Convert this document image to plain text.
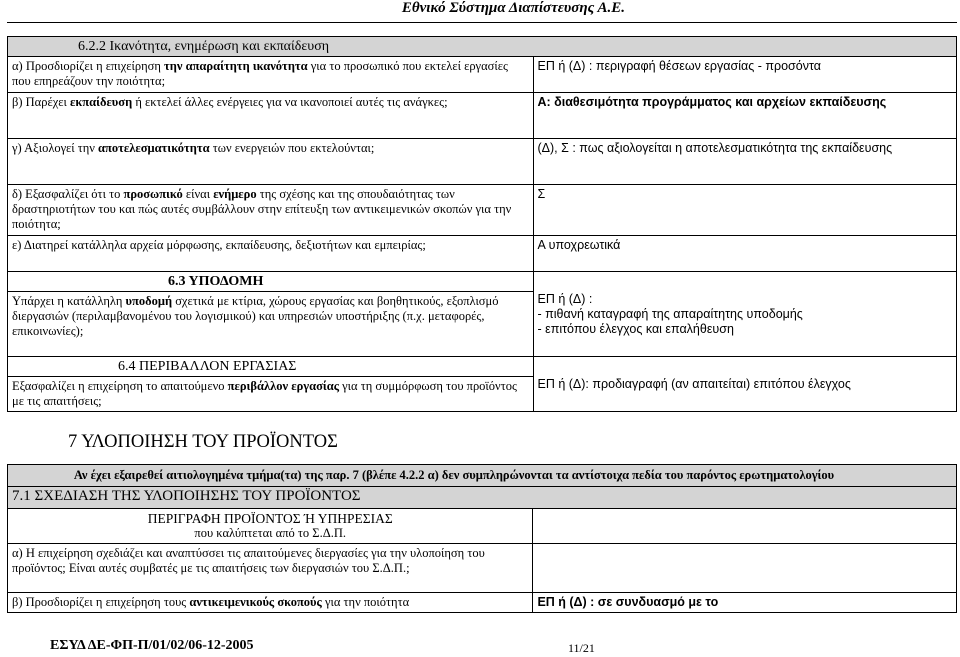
Εθνικό Σύστημα Διαπίστευσης Α.Ε.
6.2.2 Ικανότητα, ενημέρωση και εκπαίδευση	
α) Προσδιορίζει η επιχείρηση την απαραίτητη ικανότητα για το προσωπικό που εκτελεί εργασίες που επηρεάζουν την ποιότητα;	ΕΠ ή (Δ) : περιγραφή θέσεων εργασίας - προσόντα
β) Παρέχει εκπαίδευση ή εκτελεί άλλες ενέργειες για να ικανοποιεί αυτές τις ανάγκες;	Α: διαθεσιμότητα προγράμματος και αρχείων εκπαίδευσης
γ) Αξιολογεί την αποτελεσματικότητα των ενεργειών που εκτελούνται;	(Δ), Σ : πως αξιολογείται η αποτελεσματικότητα της εκπαίδευσης
δ) Εξασφαλίζει ότι το προσωπικό είναι ενήμερο της σχέσης και της σπουδαιότητας των δραστηριοτήτων του και πώς αυτές συμβάλλουν στην επίτευξη των αντικειμενικών σκοπών για την ποιότητα;	Σ
ε) Διατηρεί κατάλληλα αρχεία μόρφωσης, εκπαίδευσης, δεξιοτήτων και εμπειρίας;	Α υποχρεωτικά
6.3 ΥΠΟΔΟΜΗ	ΕΠ ή (Δ) :
- πιθανή καταγραφή της απαραίτητης υποδομής
- επιτόπου έλεγχος και επαλήθευση
Υπάρχει η κατάλληλη υποδομή σχετικά με κτίρια, χώρους εργασίας και βοηθητικούς, εξοπλισμό διεργασιών (περιλαμβανομένου του λογισμικού) και υπηρεσιών υποστήριξης (π.χ. μεταφορές, επικοινωνίες);	
6.4 ΠΕΡΙΒΑΛΛΟΝ ΕΡΓΑΣΙΑΣ	ΕΠ ή (Δ): προδιαγραφή (αν απαιτείται) επιτόπου έλεγχος
Εξασφαλίζει η επιχείρηση το απαιτούμενο περιβάλλον εργασίας για τη συμμόρφωση του προϊόντος με τις απαιτήσεις;	
7 ΥΛΟΠΟΙΗΣΗ ΤΟΥ ΠΡΟΪΟΝΤΟΣ
Αν έχει εξαιρεθεί αιτιολογημένα τμήμα(τα) της παρ. 7 (βλέπε 4.2.2 α) δεν συμπληρώνονται τα αντίστοιχα πεδία του παρόντος ερωτηματολογίου	
7.1 ΣΧΕΔΙΑΣΗ ΤΗΣ ΥΛΟΠΟΙΗΣΗΣ ΤΟΥ ΠΡΟΪΟΝΤΟΣ	

ΠΕΡΙΓΡΑΦΗ ΠΡΟΪΟΝΤΟΣ Ή ΥΠΗΡΕΣΙΑΣ
που καλύπτεται από το Σ.Δ.Π.	

α) Η επιχείρηση σχεδιάζει και αναπτύσσει τις απαιτούμενες διεργασίες για την υλοποίηση του προϊόντος; Είναι αυτές συμβατές με τις απαιτήσεις των διεργασιών του Σ.Δ.Π.;	
β) Προσδιορίζει η επιχείρηση τους αντικειμενικούς σκοπούς για την ποιότητα	ΕΠ ή (Δ) : σε συνδυασμό με το
ΕΣΥΔ ΔΕ-ΦΠ-Π/01/02/06-12-2005	11/21
